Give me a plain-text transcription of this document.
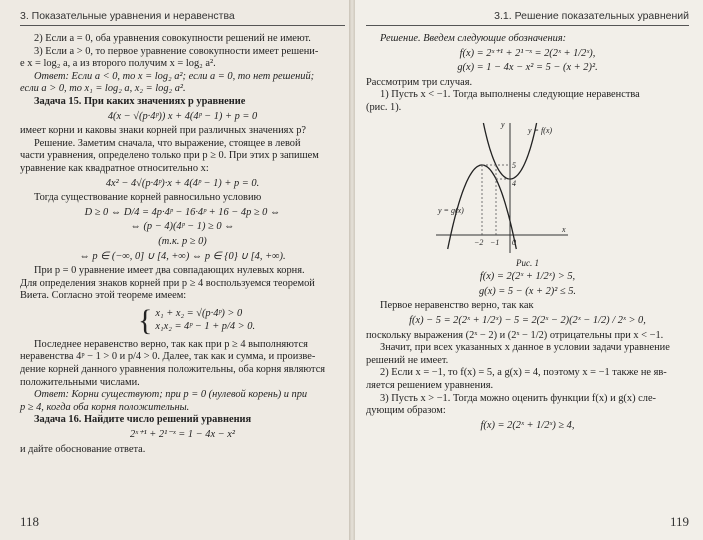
3. Показательные уравнения и неравенства

2) Если a = 0, оба уравнения совокупности решений не имеют.

3) Если a > 0, то первое уравнение совокупности имеет решени-

е x = log₂ a, а из второго получим x = log₂ a².

Ответ: Если a < 0, то x = log₂ a²; если a = 0, то нет решений;

если a > 0, то x₁ = log₂ a, x₂ = log₂ a².

Задача 15. При каких значениях p уравнение

4(x − √(p·4ᵖ)) x + 4(4ᵖ − 1) + p = 0

имеет корни и каковы знаки корней при различных значениях p?

Решение. Заметим сначала, что выражение, стоящее в левой

части уравнения, определено только при p ≥ 0. При этих p запишем

уравнение как квадратное относительно x:

4x² − 4√(p·4ᵖ)·x + 4(4ᵖ − 1) + p = 0.

Тогда существование корней равносильно условию

D ≥ 0 ⇔ D/4 = 4p·4ᵖ − 16·4ᵖ + 16 − 4p ≥ 0 ⇔

⇔ (p − 4)(4ᵖ − 1) ≥ 0 ⇔

(т.к. p ≥ 0)

⇔ p ∈ (−∞, 0] ∪ [4, +∞) ⇔ p ∈ {0} ∪ [4, +∞).

При p = 0 уравнение имеет два совпадающих нулевых корня.

Для определения знаков корней при p ≥ 4 воспользуемся теоремой

Виета. Согласно этой теореме имеем:

{ x₁ + x₂ = √(p·4ᵖ) > 0
x₁x₂ = 4ᵖ − 1 + p/4 > 0.

Последнее неравенство верно, так как при p ≥ 4 выполняются

неравенства 4ᵖ − 1 > 0 и p/4 > 0. Далее, так как и сумма, и произве-

дение корней данного уравнения положительны, оба корня являются

положительными числами.

Ответ: Корни существуют; при p = 0 (нулевой корень) и при

p ≥ 4, когда оба корня положительны.

Задача 16. Найдите число решений уравнения

2ˣ⁺¹ + 2¹⁻ˣ = 1 − 4x − x²

и дайте обоснование ответа.

118
3.1. Решение показательных уравнений

Решение. Введем следующие обозначения:

f(x) = 2ˣ⁺¹ + 2¹⁻ˣ = 2(2ˣ + 1/2ˣ),

g(x) = 1 − 4x − x² = 5 − (x + 2)².

Рассмотрим три случая.

1) Пусть x < −1. Тогда выполнены следующие неравенства

(рис. 1).

y = f(x)
y = g(x)
y
x
5
4
−2 −1 0

Рис. 1

f(x) = 2(2ˣ + 1/2ˣ) > 5,

g(x) = 5 − (x + 2)² ≤ 5.

Первое неравенство верно, так как

f(x) − 5 = 2(2ˣ + 1/2ˣ) − 5 = 2(2ˣ − 2)(2ˣ − 1/2) / 2ˣ > 0,

поскольку выражения (2ˣ − 2) и (2ˣ − 1/2) отрицательны при x < −1.

Значит, при всех указанных x данное в условии задачи уравнение

решений не имеет.

2) Если x = −1, то f(x) = 5, а g(x) = 4, поэтому x = −1 также не яв-

ляется решением уравнения.

3) Пусть x > −1. Тогда можно оценить функции f(x) и g(x) сле-

дующим образом:

f(x) = 2(2ˣ + 1/2ˣ) ≥ 4,

119
